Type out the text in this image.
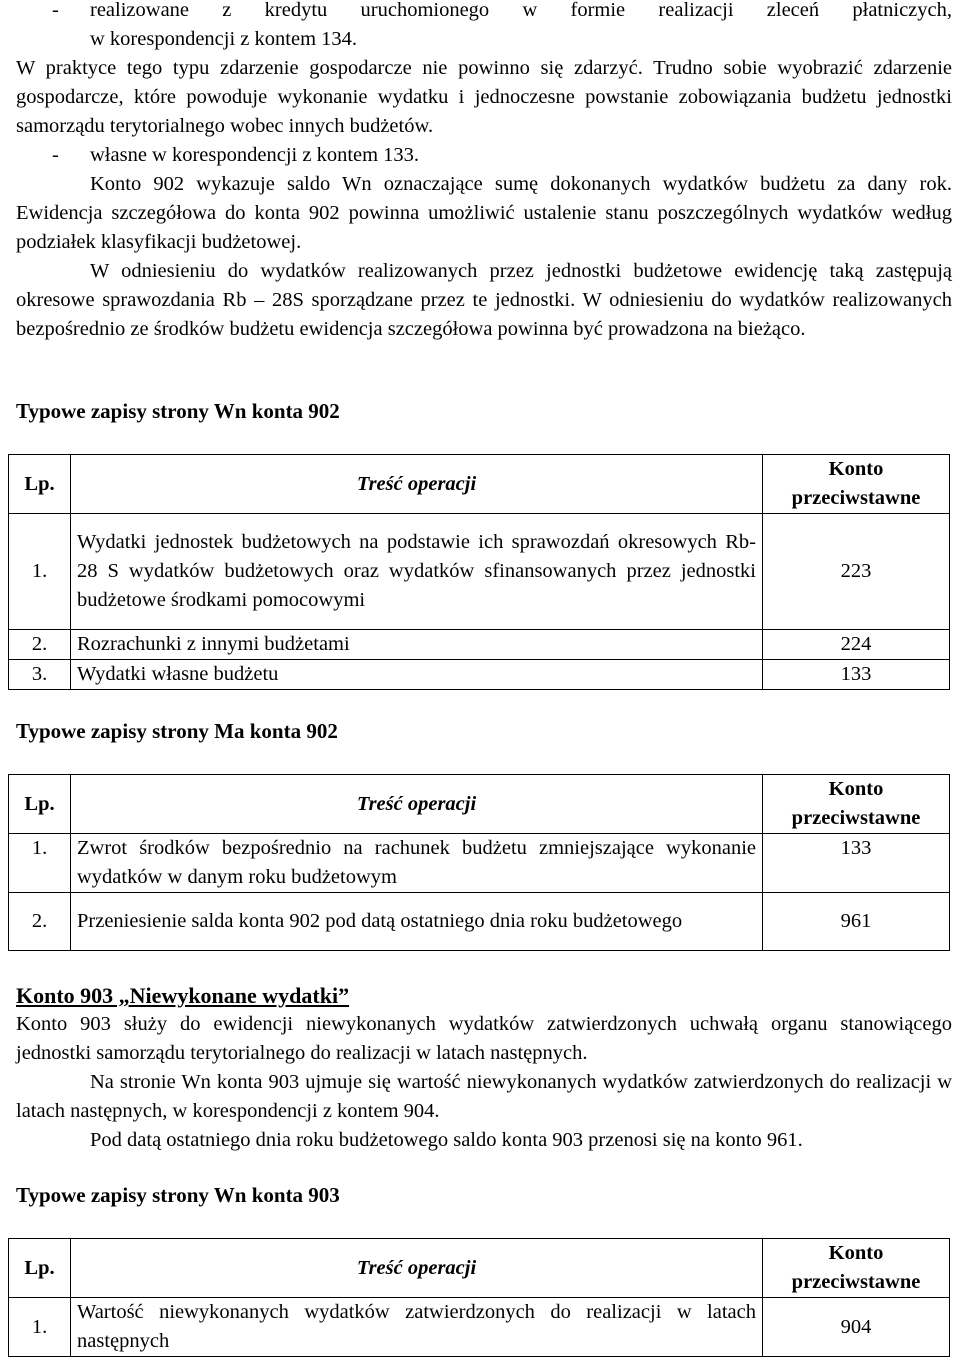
-	realizowane z kredytu uruchomionego w formie realizacji zleceń płatniczych,
w korespondencji z kontem 134.

W praktyce tego typu zdarzenie gospodarcze nie powinno się zdarzyć. Trudno sobie wyobrazić zdarzenie gospodarcze, które powoduje wykonanie wydatku i jednoczesne powstanie zobowiązania budżetu jednostki samorządu terytorialnego wobec innych budżetów.

-	własne w korespondencji z kontem 133.

Konto 902 wykazuje saldo Wn oznaczające sumę dokonanych wydatków budżetu za dany rok. Ewidencja szczegółowa do konta 902 powinna umożliwić ustalenie stanu poszczególnych wydatków według podziałek klasyfikacji budżetowej.

W odniesieniu do wydatków realizowanych przez jednostki budżetowe ewidencję taką zastępują okresowe sprawozdania Rb – 28S sporządzane przez te jednostki. W odniesieniu do wydatków realizowanych bezpośrednio ze środków budżetu ewidencja szczegółowa powinna być prowadzona na bieżąco.

Typowe zapisy strony Wn konta 902
Lp.	Treść operacji	Konto
przeciwstawne

1.	Wydatki jednostek budżetowych na podstawie ich sprawozdań okresowych Rb- 28 S wydatków budżetowych oraz wydatków sfinansowanych przez jednostki budżetowe środkami pomocowymi	223
2.	Rozrachunki z innymi budżetami	224
3.	Wydatki własne budżetu	133
Typowe zapisy strony Ma konta 902
Lp.	Treść operacji	Konto
przeciwstawne

1.	Zwrot środków bezpośrednio na rachunek budżetu zmniejszające wykonanie wydatków w danym roku budżetowym	133
2.	Przeniesienie salda konta 902 pod datą ostatniego dnia roku budżetowego	961
Konto 903 „Niewykonane wydatki”

Konto 903 służy do ewidencji niewykonanych wydatków zatwierdzonych uchwałą organu stanowiącego jednostki samorządu terytorialnego do realizacji w latach następnych.

Na stronie Wn konta 903 ujmuje się wartość niewykonanych wydatków zatwierdzonych do realizacji w latach następnych, w korespondencji z kontem 904.

Pod datą ostatniego dnia roku budżetowego saldo konta 903 przenosi się na konto 961.

Typowe zapisy strony Wn konta 903
Lp.	Treść operacji	Konto
przeciwstawne

1.	Wartość niewykonanych wydatków zatwierdzonych do realizacji w latach następnych	904
